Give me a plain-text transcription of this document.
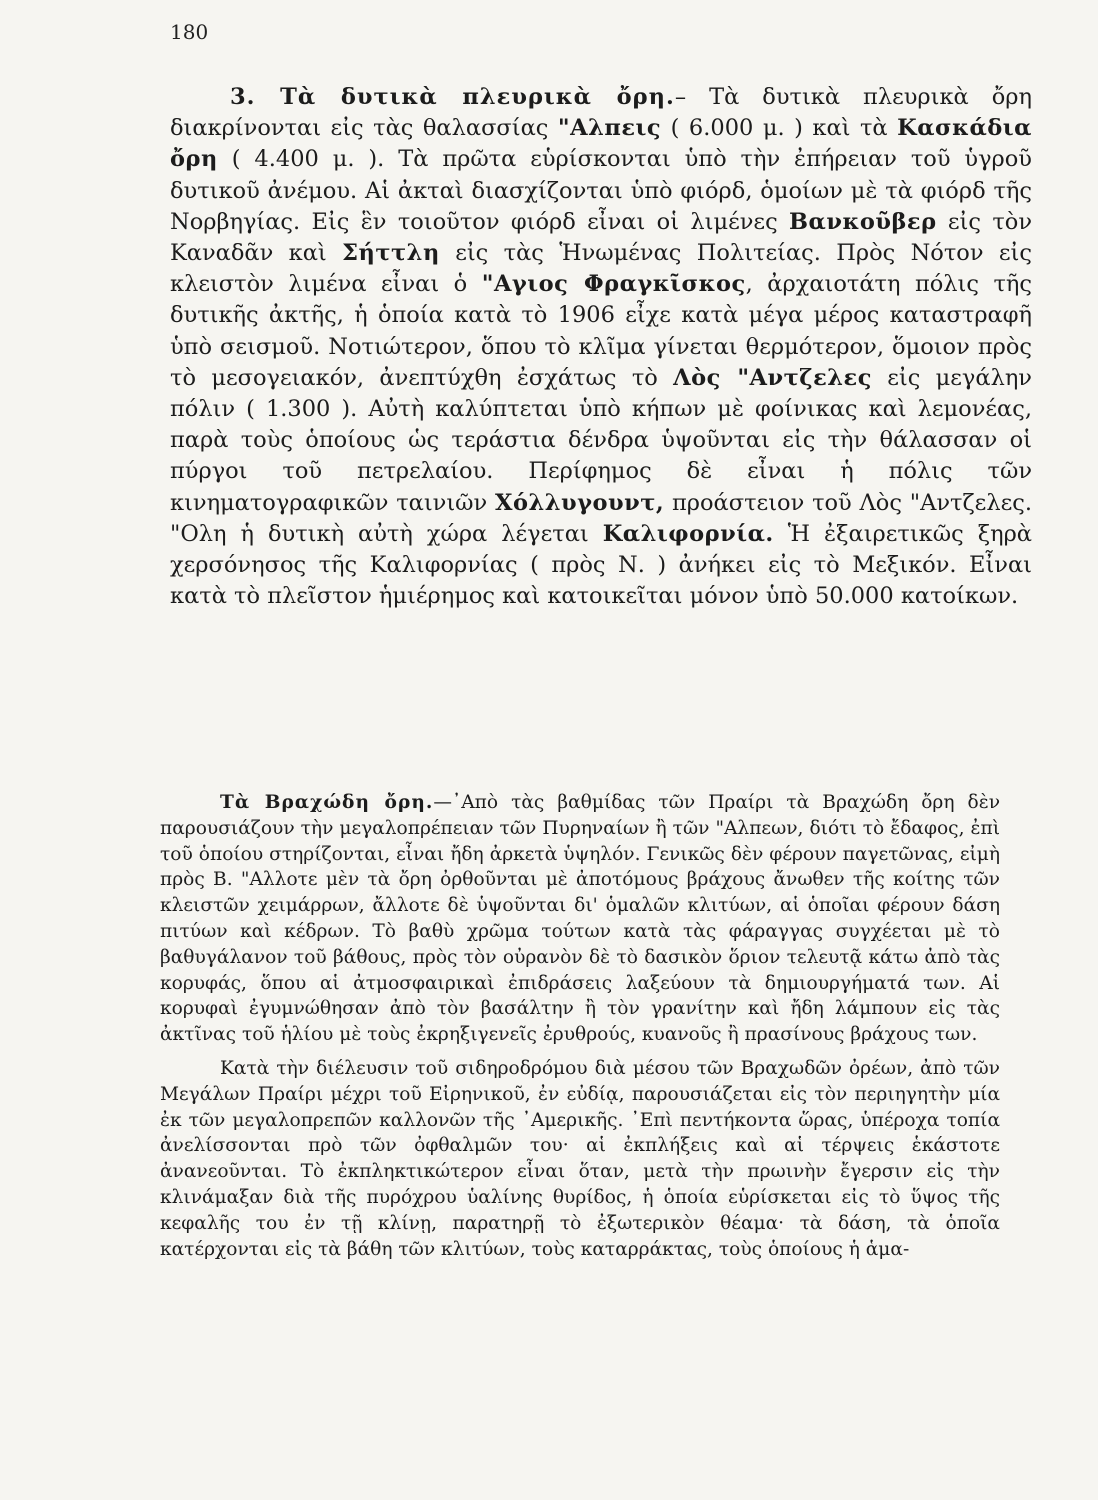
180

3. Τὰ δυτικὰ πλευρικὰ ὄρη.– Τὰ δυτικὰ πλευρικὰ ὄρη διακρίνονται εἰς τὰς θαλασσίας "Αλπεις ( 6.000 μ. ) καὶ τὰ Κασκάδια ὄρη ( 4.400 μ. ). Τὰ πρῶτα εὑρίσκονται ὑπὸ τὴν ἐπήρειαν τοῦ ὑγροῦ δυτικοῦ ἀνέμου. Αἱ ἀκταὶ διασχίζονται ὑπὸ φιόρδ, ὁμοίων μὲ τὰ φιόρδ τῆς Νορβηγίας. Εἰς ἓν τοιοῦτον φιόρδ εἶναι οἱ λιμένες Βανκοῦβερ εἰς τὸν Καναδᾶν καὶ Σήττλη εἰς τὰς Ἡνωμένας Πολιτείας. Πρὸς Νότον εἰς κλειστὸν λιμένα εἶναι ὁ "Αγιος Φραγκῖσκος, ἀρχαιοτάτη πόλις τῆς δυτικῆς ἀκτῆς, ἡ ὁποία κατὰ τὸ 1906 εἶχε κατὰ μέγα μέρος καταστραφῆ ὑπὸ σεισμοῦ. Νοτιώτερον, ὅπου τὸ κλῖμα γίνεται θερμότερον, ὅμοιον πρὸς τὸ μεσογειακόν, ἀνεπτύχθη ἐσχάτως τὸ Λὸς "Αντζελες εἰς μεγάλην πόλιν ( 1.300 ). Αὐτὴ καλύπτεται ὑπὸ κήπων μὲ φοίνικας καὶ λεμονέας, παρὰ τοὺς ὁποίους ὡς τεράστια δένδρα ὑψοῦνται εἰς τὴν θάλασσαν οἱ πύργοι τοῦ πετρελαίου. Περίφημος δὲ εἶναι ἡ πόλις τῶν κινηματογραφικῶν ταινιῶν Χόλλυγουντ, προάστειον τοῦ Λὸς "Αντζελες. "Ολη ἡ δυτικὴ αὐτὴ χώρα λέγεται Καλιφορνία. Ἡ ἐξαιρετικῶς ξηρὰ χερσόνησος τῆς Καλιφορνίας ( πρὸς Ν. ) ἀνήκει εἰς τὸ Μεξικόν. Εἶναι κατὰ τὸ πλεῖστον ἡμιέρημος καὶ κατοικεῖται μόνον ὑπὸ 50.000 κατοίκων.

Τὰ Βραχώδη ὄρη.—᾿Απὸ τὰς βαθμίδας τῶν Πραίρι τὰ Βραχώδη ὄρη δὲν παρουσιάζουν τὴν μεγαλοπρέπειαν τῶν Πυρηναίων ἢ τῶν "Αλπεων, διότι τὸ ἔδαφος, ἐπὶ τοῦ ὁποίου στηρίζονται, εἶναι ἤδη ἀρκετὰ ὑψηλόν. Γενικῶς δὲν φέρουν παγετῶνας, εἰμὴ πρὸς Β. "Αλλοτε μὲν τὰ ὄρη ὀρθοῦνται μὲ ἀποτόμους βράχους ἄνωθεν τῆς κοίτης τῶν κλειστῶν χειμάρρων, ἄλλοτε δὲ ὑψοῦνται δι' ὁμαλῶν κλιτύων, αἱ ὁποῖαι φέρουν δάση πιτύων καὶ κέδρων. Τὸ βαθὺ χρῶμα τούτων κατὰ τὰς φάραγγας συγχέεται μὲ τὸ βαθυγάλανον τοῦ βάθους, πρὸς τὸν οὐρανὸν δὲ τὸ δασικὸν ὅριον τελευτᾷ κάτω ἀπὸ τὰς κορυφάς, ὅπου αἱ ἀτμοσφαιρικαὶ ἐπιδράσεις λαξεύουν τὰ δημιουργήματά των. Αἱ κορυφαὶ ἐγυμνώθησαν ἀπὸ τὸν βασάλτην ἢ τὸν γρανίτην καὶ ἤδη λάμπουν εἰς τὰς ἀκτῖνας τοῦ ἡλίου μὲ τοὺς ἐκρηξιγενεῖς ἐρυθρούς, κυανοῦς ἢ πρασίνους βράχους των.

Κατὰ τὴν διέλευσιν τοῦ σιδηροδρόμου διὰ μέσου τῶν Βραχωδῶν ὀρέων, ἀπὸ τῶν Μεγάλων Πραίρι μέχρι τοῦ Εἰρηνικοῦ, ἐν εὐδίᾳ, παρουσιάζεται εἰς τὸν περιηγητὴν μία ἐκ τῶν μεγαλοπρεπῶν καλλονῶν τῆς ᾿Αμερικῆς. ᾿Επὶ πεντήκοντα ὥρας, ὑπέροχα τοπία ἀνελίσσονται πρὸ τῶν ὀφθαλμῶν του· αἱ ἐκπλήξεις καὶ αἱ τέρψεις ἑκάστοτε ἀνανεοῦνται. Τὸ ἐκπληκτικώτερον εἶναι ὅταν, μετὰ τὴν πρωινὴν ἔγερσιν εἰς τὴν κλινάμαξαν διὰ τῆς πυρόχρου ὑαλίνης θυρίδος, ἡ ὁποία εὑρίσκεται εἰς τὸ ὕψος τῆς κεφαλῆς του ἐν τῇ κλίνῃ, παρατηρῇ τὸ ἐξωτερικὸν θέαμα· τὰ δάση, τὰ ὁποῖα κατέρχονται εἰς τὰ βάθη τῶν κλιτύων, τοὺς καταρράκτας, τοὺς ὁποίους ἡ ἁμα-
